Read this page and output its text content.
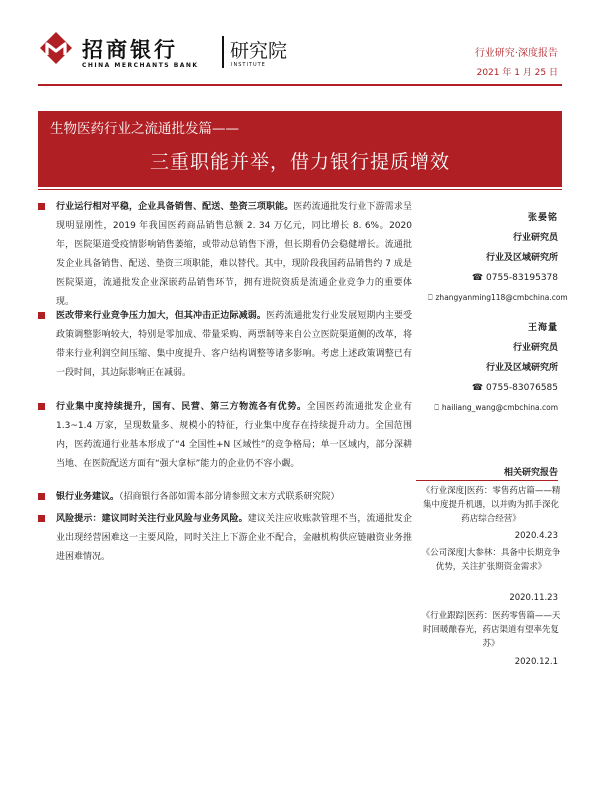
招商银行
CHINA MERCHANTS BANK
研究院
INSTITUTE
行业研究·深度报告
2021 年 1 月 25 日
生物医药行业之流通批发篇——
三重职能并举，借力银行提质增效
行业运行相对平稳，企业具备销售、配送、垫资三项职能。医药流通批发行业下游需求呈现明显刚性，2019 年我国医药商品销售总额 2. 34 万亿元，同比增长 8. 6%。2020 年，医院渠道受疫情影响销售萎缩，或带动总销售下滑，但长期看仍会稳健增长。流通批发企业具备销售、配送、垫资三项职能，难以替代。其中，现阶段我国药品销售约 7 成是医院渠道，流通批发企业深嵌药品销售环节，拥有进院资质是流通企业竞争力的重要体现。
医改带来行业竞争压力加大，但其冲击正边际减弱。医药流通批发行业发展短期内主要受政策调整影响较大，特别是零加成、带量采购、两票制等来自公立医院渠道侧的改革，将带来行业利润空间压缩、集中度提升、客户结构调整等诸多影响。考虑上述政策调整已有一段时间，其边际影响正在减弱。
行业集中度持续提升，国有、民营、第三方物流各有优势。全国医药流通批发企业有 1.3~1.4 万家，呈现数量多、规模小的特征，行业集中度存在持续提升动力。全国范围内，医药流通行业基本形成了“4 全国性+N 区域性”的竞争格局；单一区域内，部分深耕当地、在医院配送方面有“强大拿标”能力的企业仍不容小觑。
银行业务建议。（招商银行各部如需本部分请参照文末方式联系研究院）
风险提示：建议同时关注行业风险与业务风险。建议关注应收账款管理不当，流通批发企业出现经营困难这一主要风险，同时关注上下游企业不配合，金融机构供应链融资业务推进困难情况。
张晏铭
行业研究员
行业及区域研究所
☎ 0755-83195378
⎕ zhangyanming118@cmbchina.com
王海量
行业研究员
行业及区域研究所
☎ 0755-83076585
⎕ hailiang_wang@cmbchina.com
相关研究报告
《行业深度|医药：零售药店篇——精集中度提升机遇，以并购为抓手深化药店综合经营》
2020.4.23
《公司深度|大参林：具备中长期竞争优势，关注扩张期资金需求》
2020.11.23
《行业跟踪|医药：医药零售篇——天时回暖酿春光，药店渠道有望率先复苏》
2020.12.1
